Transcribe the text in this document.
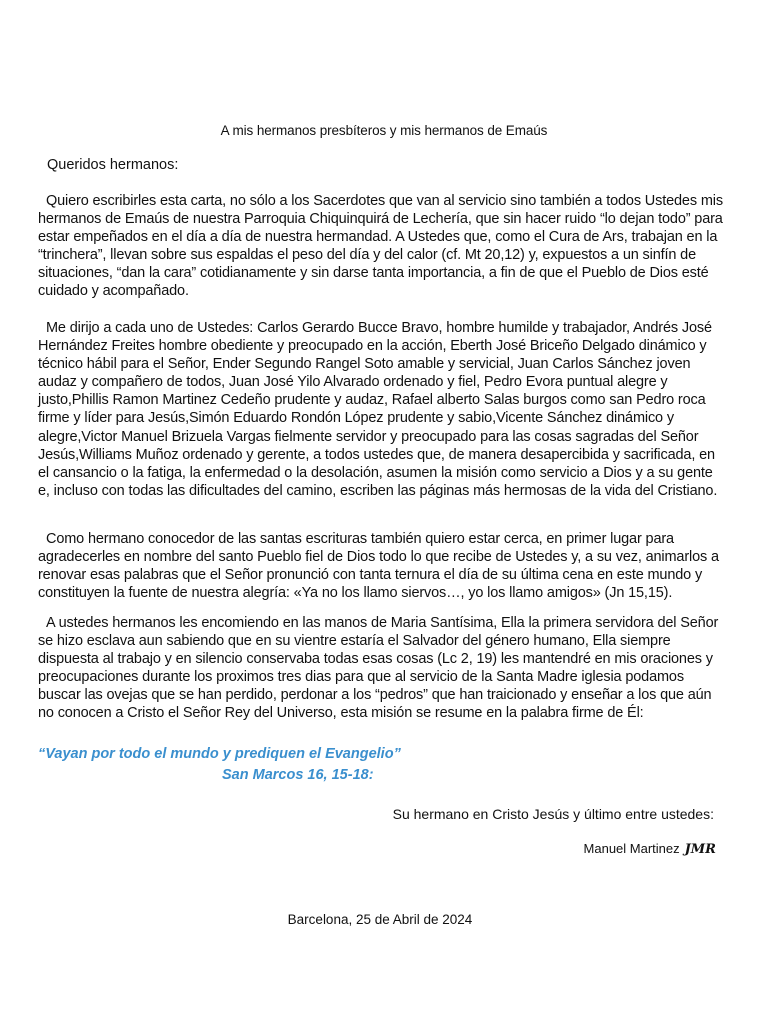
A mis hermanos presbíteros y mis hermanos de Emaús
Queridos hermanos:

Quiero escribirles esta carta, no sólo a los Sacerdotes que van al servicio sino también a todos Ustedes mis hermanos de Emaús de nuestra Parroquia Chiquinquirá de Lechería, que sin hacer ruido “lo dejan todo” para estar empeñados en el día a día de nuestra hermandad. A Ustedes que, como el Cura de Ars, trabajan en la “trinchera”, llevan sobre sus espaldas el peso del día y del calor (cf. Mt 20,12) y, expuestos a un sinfín de situaciones, “dan la cara” cotidianamente y sin darse tanta importancia, a fin de que el Pueblo de Dios esté cuidado y acompañado.

Me dirijo a cada uno de Ustedes: Carlos Gerardo Bucce Bravo, hombre humilde y trabajador, Andrés José Hernández Freites hombre obediente y preocupado en la acción, Eberth José Briceño Delgado dinámico y técnico hábil para el Señor, Ender Segundo Rangel Soto amable y servicial, Juan Carlos Sánchez joven audaz y compañero de todos, Juan José Yilo Alvarado ordenado y fiel, Pedro Evora puntual alegre y justo,Phillis Ramon Martinez Cedeño prudente y audaz, Rafael alberto Salas burgos como san Pedro roca firme y líder para Jesús,Simón Eduardo Rondón López prudente y sabio,Vicente Sánchez dinámico y alegre,Victor Manuel Brizuela Vargas fielmente servidor y preocupado para las cosas sagradas del Señor Jesús,Williams Muñoz ordenado y gerente, a todos ustedes que, de manera desapercibida y sacrificada, en el cansancio o la fatiga, la enfermedad o la desolación, asumen la misión como servicio a Dios y a su gente e, incluso con todas las dificultades del camino, escriben las páginas más hermosas de la vida del Cristiano.

Como hermano conocedor de las santas escrituras también quiero estar cerca, en primer lugar para agradecerles en nombre del santo Pueblo fiel de Dios todo lo que recibe de Ustedes y, a su vez, animarlos a renovar esas palabras que el Señor pronunció con tanta ternura el día de su última cena en este mundo y constituyen la fuente de nuestra alegría: «Ya no los llamo siervos…, yo los llamo amigos» (Jn 15,15).

A ustedes hermanos les encomiendo en las manos de Maria Santísima, Ella la primera servidora del Señor se hizo esclava aun sabiendo que en su vientre estaría el Salvador del género humano, Ella siempre dispuesta al trabajo y en silencio conservaba todas esas cosas (Lc 2, 19) les mantendré en mis oraciones y preocupaciones durante los proximos tres dias para que al servicio de la Santa Madre iglesia podamos buscar las ovejas que se han perdido, perdonar a los “pedros” que han traicionado y enseñar a los que aún no conocen a Cristo el Señor Rey del Universo, esta misión se resume en la palabra firme de Él:

“Vayan por todo el mundo y prediquen el Evangelio”
San Marcos 16, 15-18:
Su hermano en Cristo Jesús y último entre ustedes:
Manuel Martinez JMR
Barcelona, 25 de Abril de 2024
